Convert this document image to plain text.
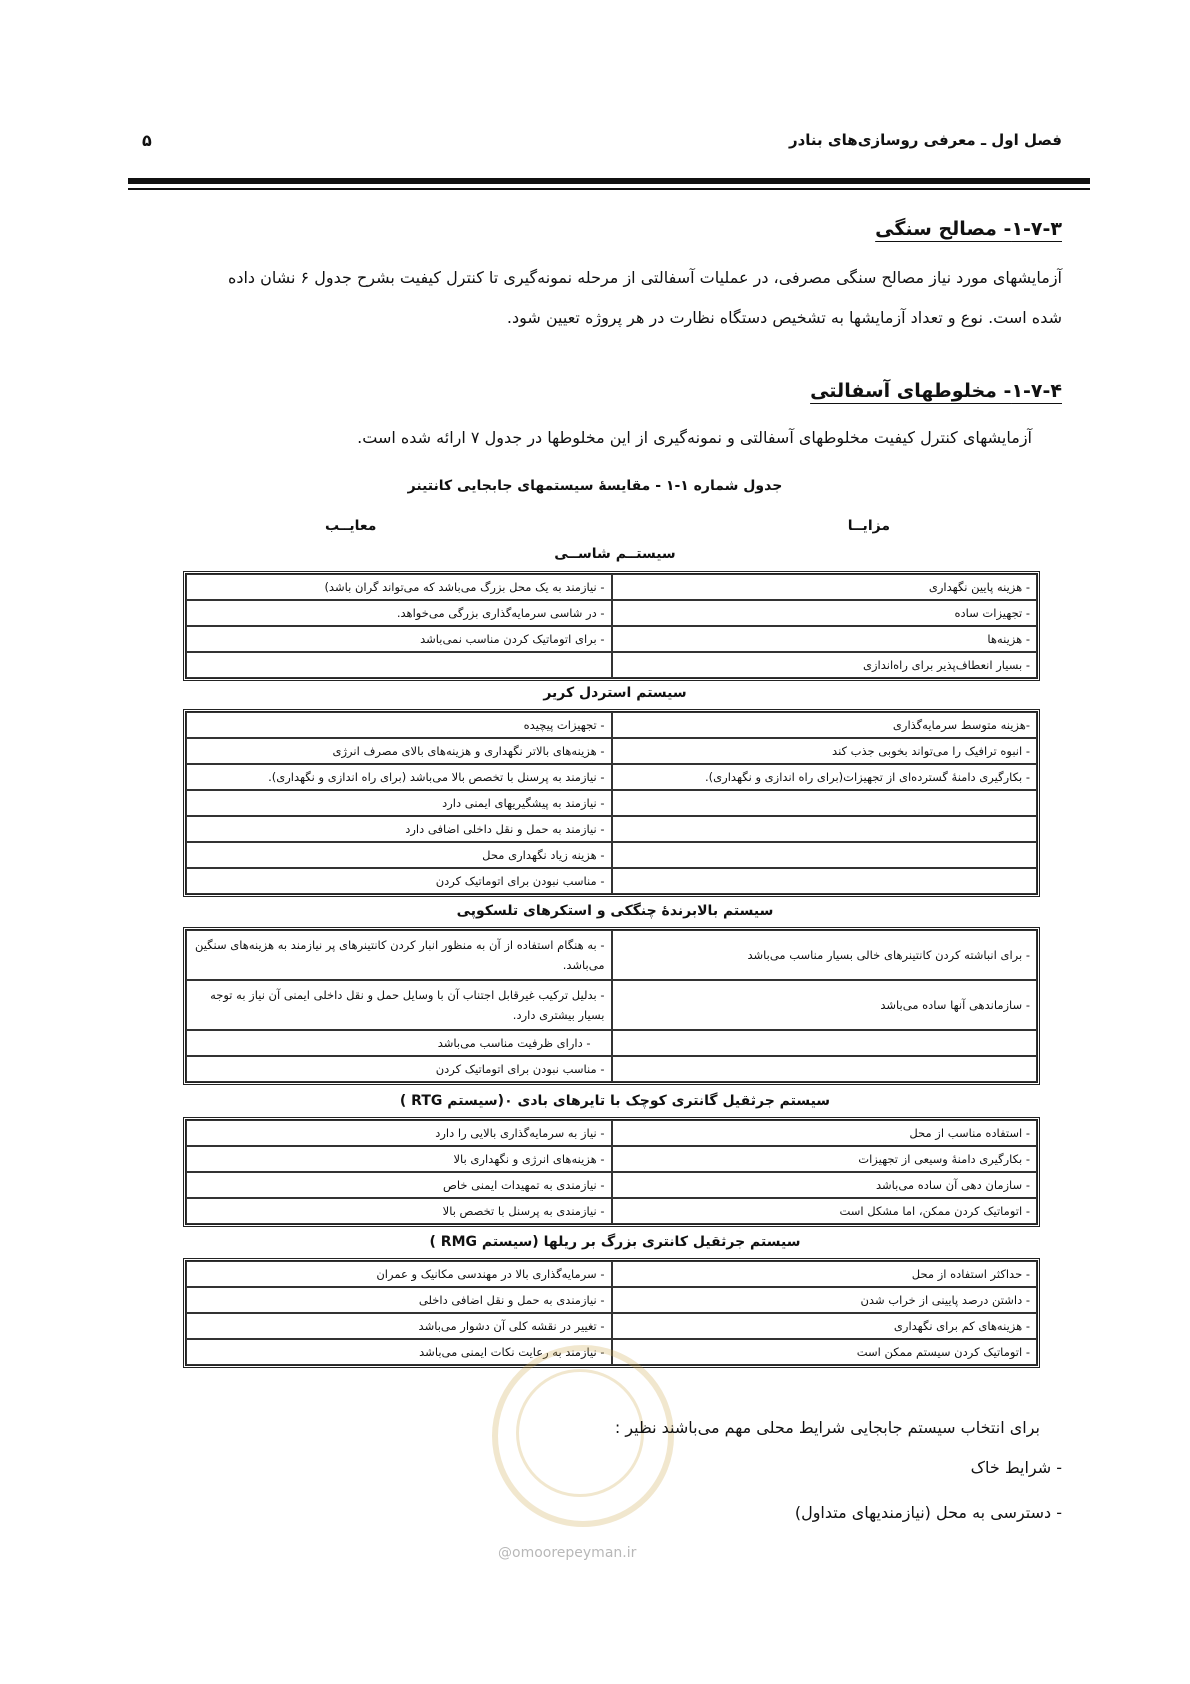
فصل اول ـ معرفی روسازی‌های بنادر
۵
۱-۷-۳- مصالح سنگی
آزمایشهای مورد نیاز مصالح سنگی مصرفی، در عملیات آسفالتی از مرحله نمونه‌گیری تا کنترل کیفیت بشرح جدول ۶ نشان داده
شده است. نوع و تعداد آزمایشها به تشخیص دستگاه نظارت در هر پروژه تعیین شود.
۱-۷-۴- مخلوطهای آسفالتی
آزمایشهای کنترل کیفیت مخلوطهای آسفالتی و نمونه‌گیری از این مخلوطها در جدول ۷ ارائه شده است.
جدول شماره ۱-۱ - مقایسهٔ سیستمهای جابجایی کانتینر
مزایــا
معایــب
سیستــم شاســی
- هزینه پایین نگهداری	- نیازمند به یک محل بزرگ می‌باشد که می‌تواند گران باشد)
- تجهیزات ساده	- در شاسی سرمایه‌گذاری بزرگی می‌خواهد.
- هزینه‌ها	- برای اتوماتیک کردن مناسب نمی‌باشد
- بسیار انعطاف‌پذیر برای راه‌اندازی	
سیستم استردل کریر
-هزینه متوسط سرمایه‌گذاری	- تجهیزات پیچیده
- انبوه ترافیک را می‌تواند بخوبی جذب کند	- هزینه‌های بالاتر نگهداری و هزینه‌های بالای مصرف انرژی
- بکارگیری دامنهٔ گسترده‌ای از تجهیزات(برای راه اندازی و نگهداری).	- نیازمند به پرسنل با تخصص بالا می‌باشد (برای راه اندازی و نگهداری).
	- نیازمند به پیشگیریهای ایمنی دارد
	- نیازمند به حمل و نقل داخلی اضافی دارد
	- هزینه زیاد نگهداری محل
	- مناسب نبودن برای اتوماتیک کردن
سیستم بالابرندهٔ چنگکی و استکرهای تلسکوپی
- برای انباشته کردن کانتینرهای خالی بسیار مناسب می‌باشد	- به هنگام استفاده از آن به منظور انبار کردن کانتینرهای پر نیازمند به هزینه‌های سنگین می‌باشد.
- سازماندهی آنها ساده می‌باشد	- بدلیل ترکیب غیرقابل اجتناب آن با وسایل حمل و نقل داخلی ایمنی آن نیاز به توجه بسیار بیشتری دارد.
	- دارای ظرفیت مناسب می‌باشد
	- مناسب نبودن برای اتوماتیک کردن
سیستم جرثقیل گانتری کوچک با تایرهای بادی ۰(سیستم RTG )
- استفاده مناسب از محل	- نیاز به سرمایه‌گذاری بالایی را دارد
- بکارگیری دامنهٔ وسیعی از تجهیزات	- هزینه‌های انرژی و نگهداری بالا
- سازمان دهی آن ساده می‌باشد	- نیازمندی به تمهیدات ایمنی خاص
- اتوماتیک کردن ممکن، اما مشکل است	- نیازمندی به پرسنل با تخصص بالا
سیستم جرثقیل کانتری بزرگ بر ریلها (سیستم RMG )
- حداکثر استفاده از محل	- سرمایه‌گذاری بالا در مهندسی مکانیک و عمران
- داشتن درصد پایینی از خراب شدن	- نیازمندی به حمل و نقل اضافی داخلی
- هزینه‌های کم برای نگهداری	- تغییر در نقشه کلی آن دشوار می‌باشد
- اتوماتیک کردن سیستم ممکن است	- نیازمند به رعایت نکات ایمنی می‌باشد
برای انتخاب سیستم جابجایی شرایط محلی مهم می‌باشند نظیر :
- شرایط خاک
- دسترسی به محل (نیازمندیهای متداول)
@omoorepeyman.ir
